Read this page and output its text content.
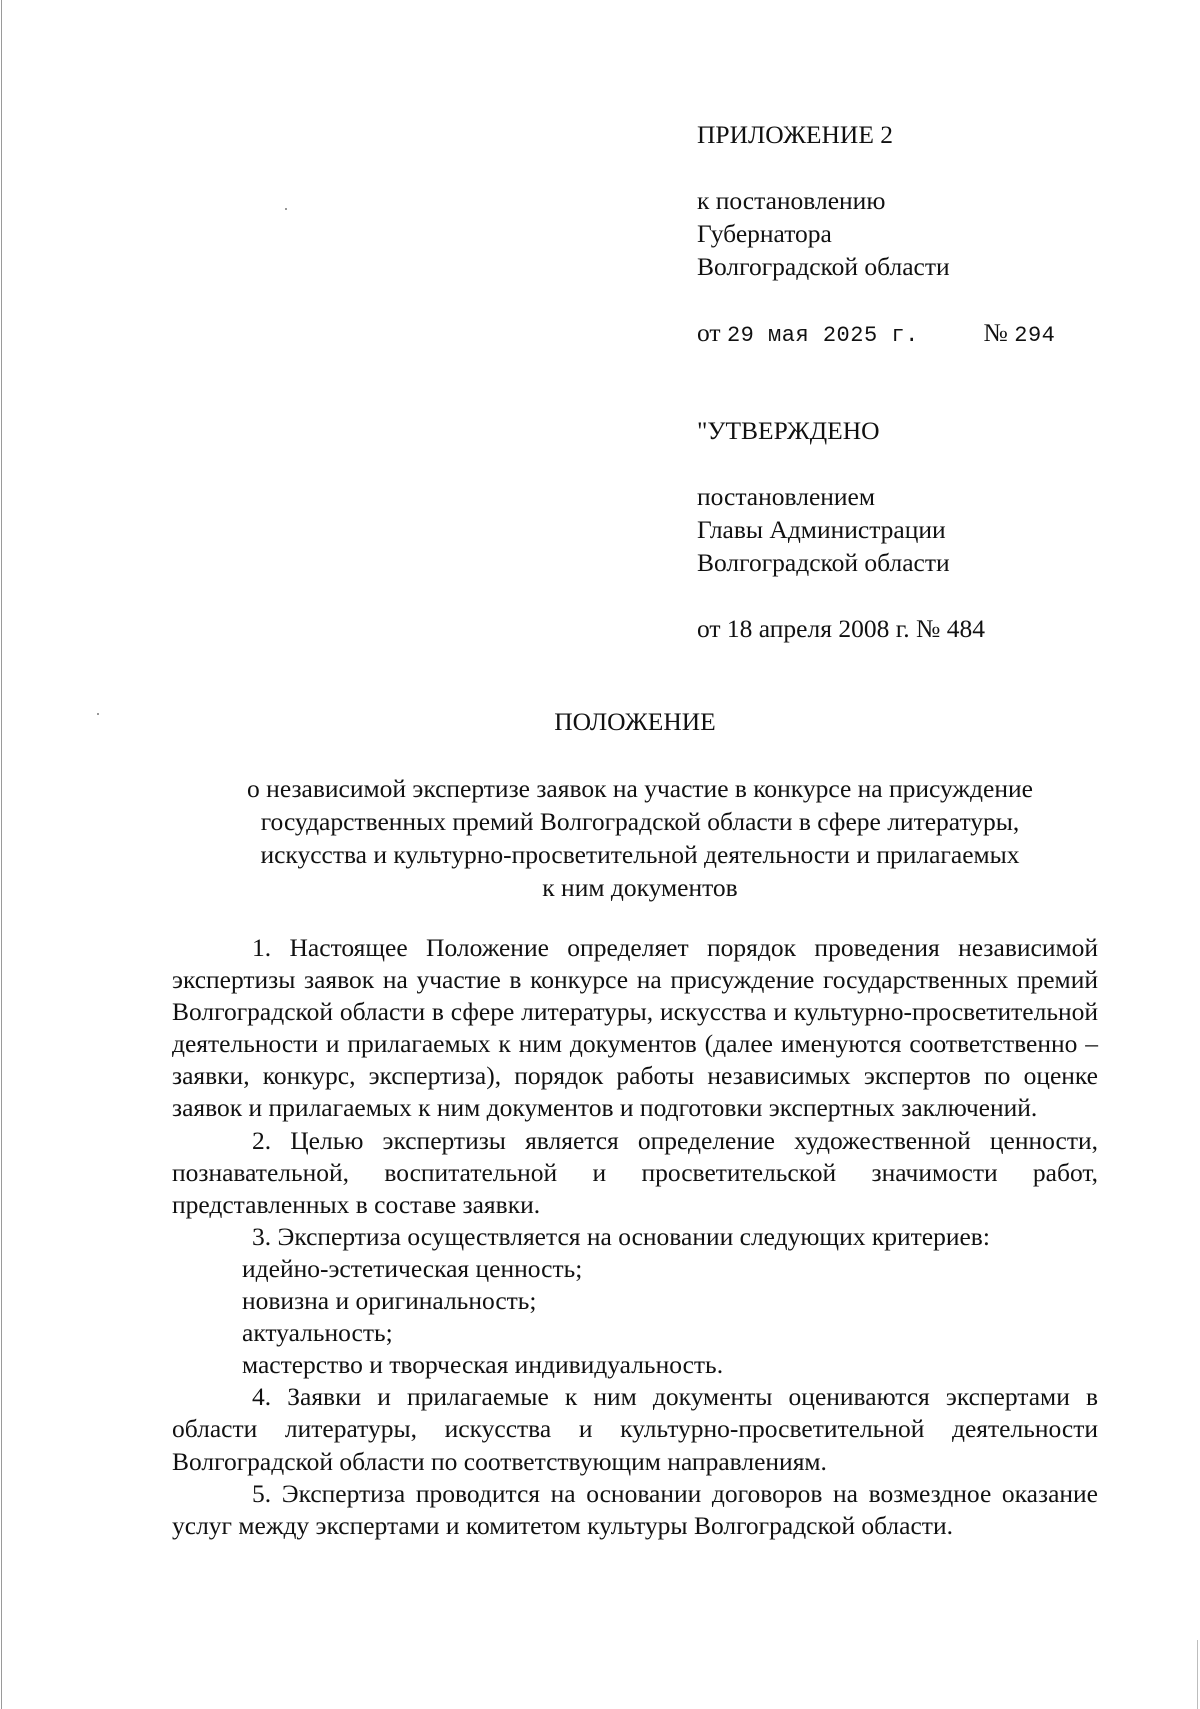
ПРИЛОЖЕНИЕ 2
к постановлению
Губернатора
Волгоградской области
от 29 мая 2025 г.	№ 294
"УТВЕРЖДЕНО
постановлением
Главы Администрации
Волгоградской области
от 18 апреля 2008 г. № 484
ПОЛОЖЕНИЕ
о независимой экспертизе заявок на участие в конкурсе на присуждение
государственных премий Волгоградской области в сфере литературы,
искусства и культурно-просветительной деятельности и прилагаемых
к ним документов

1. Настоящее Положение определяет порядок проведения независимой экспертизы заявок на участие в конкурсе на присуждение государственных премий Волгоградской области в сфере литературы, искусства и культурно-просветительной деятельности и прилагаемых к ним документов (далее именуются соответственно – заявки, конкурс, экспертиза), порядок работы независимых экспертов по оценке заявок и прилагаемых к ним документов и подготовки экспертных заключений.

2. Целью экспертизы является определение художественной ценности, познавательной, воспитательной и просветительской значимости работ, представленных в составе заявки.

3. Экспертиза осуществляется на основании следующих критериев:

идейно-эстетическая ценность;

новизна и оригинальность;

актуальность;

мастерство и творческая индивидуальность.

4. Заявки и прилагаемые к ним документы оцениваются экспертами в области литературы, искусства и культурно-просветительной деятельности Волгоградской области по соответствующим направлениям.

5. Экспертиза проводится на основании договоров на возмездное оказание услуг между экспертами и комитетом культуры Волгоградской области.
